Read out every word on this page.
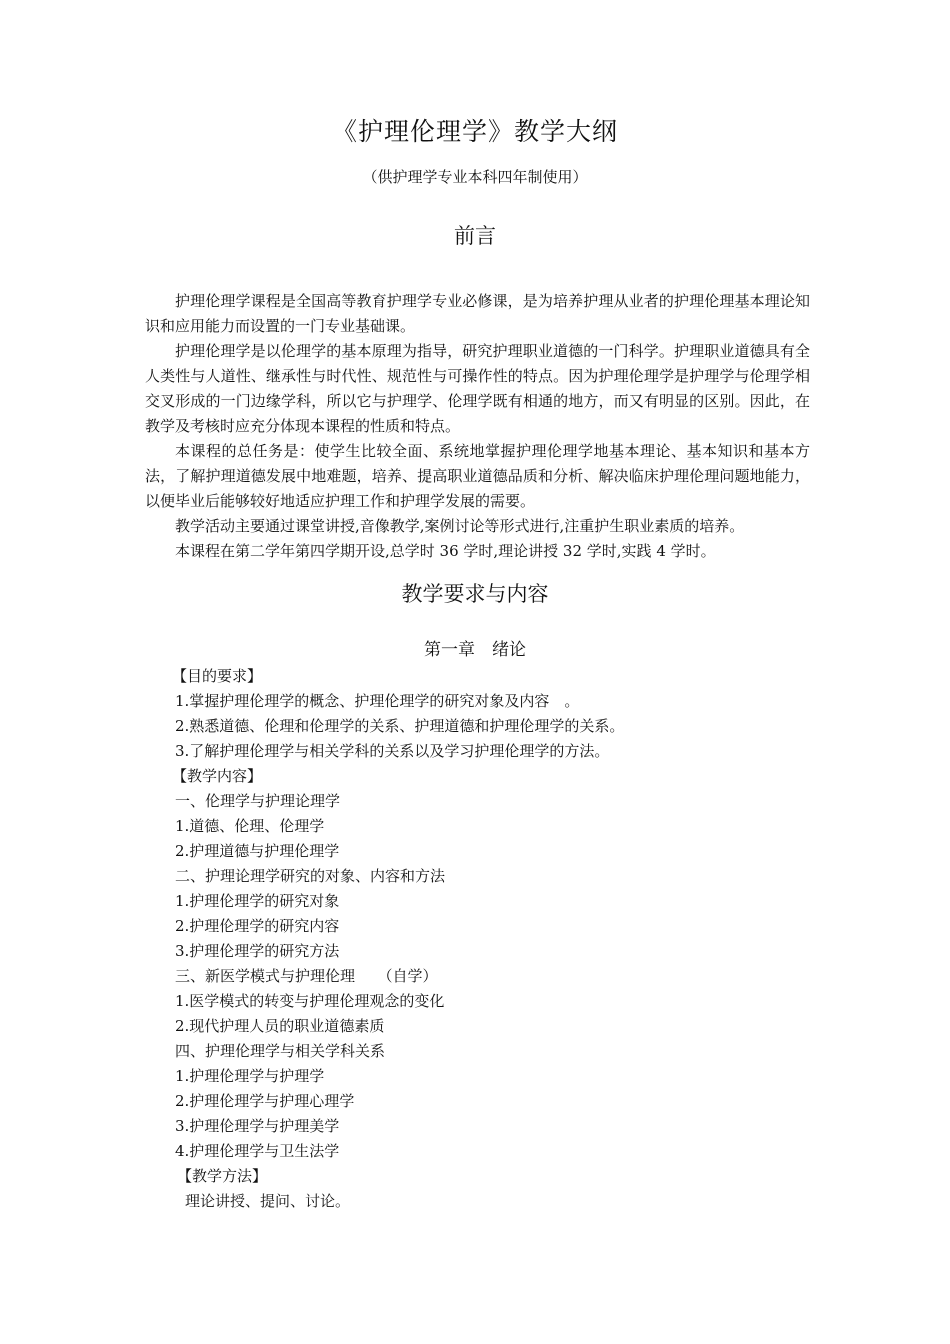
《护理伦理学》教学大纲
（供护理学专业本科四年制使用）
前言

护理伦理学课程是全国高等教育护理学专业必修课，是为培养护理从业者的护理伦理基本理论知识和应用能力而设置的一门专业基础课。

护理伦理学是以伦理学的基本原理为指导，研究护理职业道德的一门科学。护理职业道德具有全人类性与人道性、继承性与时代性、规范性与可操作性的特点。因为护理伦理学是护理学与伦理学相交叉形成的一门边缘学科，所以它与护理学、伦理学既有相通的地方，而又有明显的区别。因此，在教学及考核时应充分体现本课程的性质和特点。

本课程的总任务是：使学生比较全面、系统地掌握护理伦理学地基本理论、基本知识和基本方法，了解护理道德发展中地难题，培养、提高职业道德品质和分析、解决临床护理伦理问题地能力，以便毕业后能够较好地适应护理工作和护理学发展的需要。

教学活动主要通过课堂讲授,音像教学,案例讨论等形式进行,注重护生职业素质的培养。

本课程在第二学年第四学期开设,总学时 36 学时,理论讲授 32 学时,实践 4 学时。

教学要求与内容
第一章　绪论
【目的要求】
1.掌握护理伦理学的概念、护理伦理学的研究对象及内容　。
2.熟悉道德、伦理和伦理学的关系、护理道德和护理伦理学的关系。
3.了解护理伦理学与相关学科的关系以及学习护理伦理学的方法。
【教学内容】
一、伦理学与护理论理学
1.道德、伦理、伦理学
2.护理道德与护理伦理学
二、护理论理学研究的对象、内容和方法
1.护理伦理学的研究对象
2.护理伦理学的研究内容
3.护理伦理学的研究方法
三、新医学模式与护理伦理　　（自学）
1.医学模式的转变与护理伦理观念的变化
2.现代护理人员的职业道德素质
四、护理伦理学与相关学科关系
1.护理伦理学与护理学
2.护理伦理学与护理心理学
3.护理伦理学与护理美学
4.护理伦理学与卫生法学
【教学方法】
理论讲授、提问、讨论。
